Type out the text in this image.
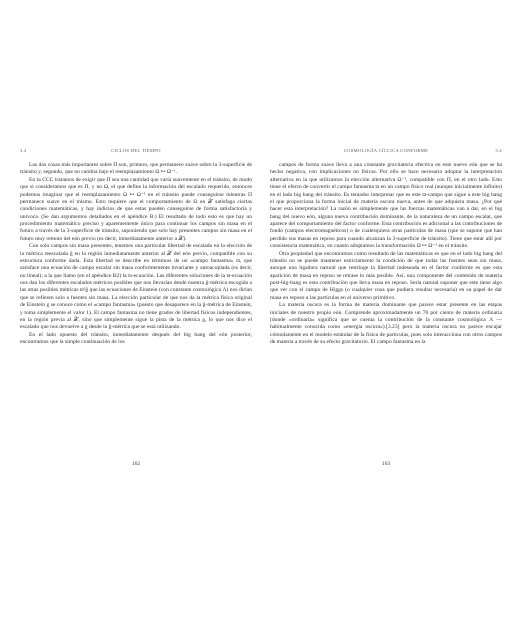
3.2	CICLOS DEL TIEMPO

Las dos cosas más importantes sobre Π son, primero, que permanece suave sobre la 3-superficie de tránsito y, segundo, que no cambia bajo el reemplazamiento Ω ↦ Ω⁻¹.

En la CCC tratamos de exigir que Π sea una cantidad que varía suavemente en el tránsito, de modo que si consideramos que es Π, y no Ω, el que define la información del escalado requerido, entonces podemos imaginar que el reemplazamiento Ω ↦ Ω⁻¹ en el tránsito puede conseguirse mientras Π permanece suave en el mismo. Esto requiere que el comportamiento de Ω en 𝒳 satisfaga ciertas condiciones matemáticas, y hay indicios de que estas pueden conseguirse de forma satisfactoria y unívoca. (Se dan argumentos detallados en el apéndice B.) El resultado de todo esto es que hay un procedimiento matemático preciso y aparentemente único para continuar los campos sin masa en el futuro a través de la 3-superficie de tránsito, suponiendo que solo hay presentes campos sin masa en el futuro muy remoto del eón previo (es decir, inmediatamente anterior a 𝒳).

Con solo campos sin masa presentes, tenemos una particular libertad de escalado en la elección de la métrica reescalada ĝ en la región inmediatamente anterior al 𝒳 del eón previo, compatible con su estructura conforme dada. Esta libertad se describe en términos de un «campo fantasma» ϖ, que satisface una ecuación de campo escalar sin masa conformemente invariante y autoacoplada (es decir, no lineal); a la que llamo (en el apéndice B2) la ϖ-ecuación. Las diferentes soluciones de la ϖ-ecuación nos dan los diferentes escalados métricos posibles que nos llevarían desde nuestra ĝ-métrica escogida a las otras posibles métricas ϖ²ĝ que las ecuaciones de Einstein (con constante cosmológica Λ) nos dirían que se refieren solo a fuentes sin masa. La elección particular de que nos da la métrica física original de Einstein g se conoce como el «campo fantasma» (puesto que desaparece en la ĝ-métrica de Einstein, y toma simplemente el valor 1). El campo fantasma no tiene grados de libertad físicos independientes, en la región previa al 𝒳, sino que simplemente sigue la pista de la métrica g, lo que nos dice el escalado que nos devuelve a g desde la ĝ-métrica que se está utilizando.

En el lado opuesto del tránsito, inmediatamente después del big bang del eón posterior, encontramos que la simple continuación de los

162
COSMOLOGÍA CÍCLICA CONFORME	3.2

campos de forma suave lleva a una constante gravitatoria efectiva en este nuevo eón que se ha hecho negativa, con implicaciones no físicas. Por ello se hace necesario adoptar la interpretación alternativa en la que utilizamos la elección alternativa Ω⁻¹, compatible con Π, en el otro lado. Esto tiene el efecto de convertir el campo fantasma ϖ en un campo físico real (aunque inicialmente infinito) en el lado big bang del tránsito. Es tentador interpretar que es este ϖ-campo que sigue a este big bang el que proporciona la forma inicial de materia oscura nueva, antes de que adquiera masa. ¿Por qué hacer esta interpretación? La razón es simplemente que las fuerzas matemáticas van a dar, en el big bang del nuevo eón, alguna nueva contribución dominante, de la naturaleza de un campo escalar, que aparece del comportamiento del factor conforme. Esta contribución es adicional a las contribuciones de fondo (campos electromagnéticos) o de cualesquiera otras partículas de masa (que se supone que han perdido sus masas en reposo para cuando alcanzan la 3-superficie de tránsito). Tiene que estar allí por consistencia matemática, en cuanto adoptamos la transformación Ω ↦ Ω⁻¹ en el tránsito.

Otra propiedad que encontramos como resultado de las matemáticas es que en el lado big bang del tránsito no se puede mantener estrictamente la condición de que todas las fuentes sean sin masa, aunque una ligadura natural que restringe la libertad indeseada en el factor conforme es que esta aparición de masa en reposo se retrase lo más posible. Así, una componente del contenido de materia post-big-bang es esta contribución que lleva masa en reposo. Sería natural suponer que este tiene algo que ver con el campo de Higgs (o cualquier cosa que pudiera resultar necesaria) en su papel de dar masa en reposo a las partículas en el universo primitivo.

La materia oscura es la forma de materia dominante que parece estar presente en las etapas iniciales de nuestro propio eón. Comprende aproximadamente un 70 por ciento de materia ordinaria (donde «ordinaria» significa que se cuenta la contribución de la constante cosmológica Λ —habitualmente conocida como «energía oscura»).[3.23] pero la materia oscura no parece encajar cómodamente en el modelo estándar de la física de partículas, pues solo interacciona con otros campos de materia a través de su efecto gravitatorio. El campo fantasma en la

163
